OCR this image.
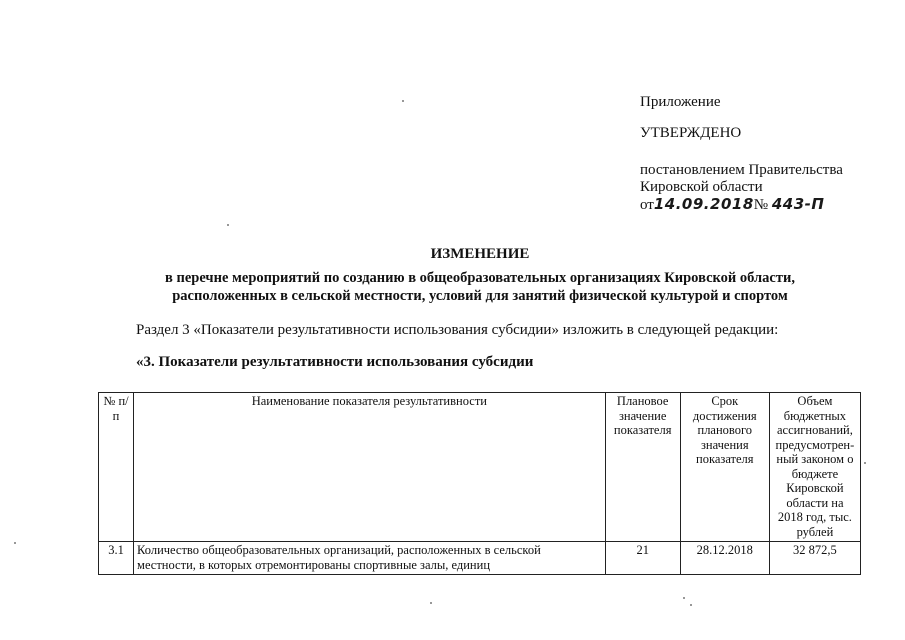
Приложение
УТВЕРЖДЕНО
постановлением Правительства
Кировской области
от14.09.2018№ 443-П
ИЗМЕНЕНИЕ
в перечне мероприятий по созданию в общеобразовательных организациях Кировской области,
расположенных в сельской местности, условий для занятий физической культурой и спортом
Раздел 3 «Показатели результативности использования субсидии» изложить в следующей редакции:
«3. Показатели результативности использования субсидии
№ п/п	Наименование показателя результативности	Плановое значение показателя	Срок достижения планового значения показателя	Объем бюджетных ассигнований, предусмотрен-ный законом о бюджете Кировской области на 2018 год, тыс. рублей
3.1	Количество общеобразовательных организаций, расположенных в сельской местности, в которых отремонтированы спортивные залы, единиц	21	28.12.2018	32 872,5
